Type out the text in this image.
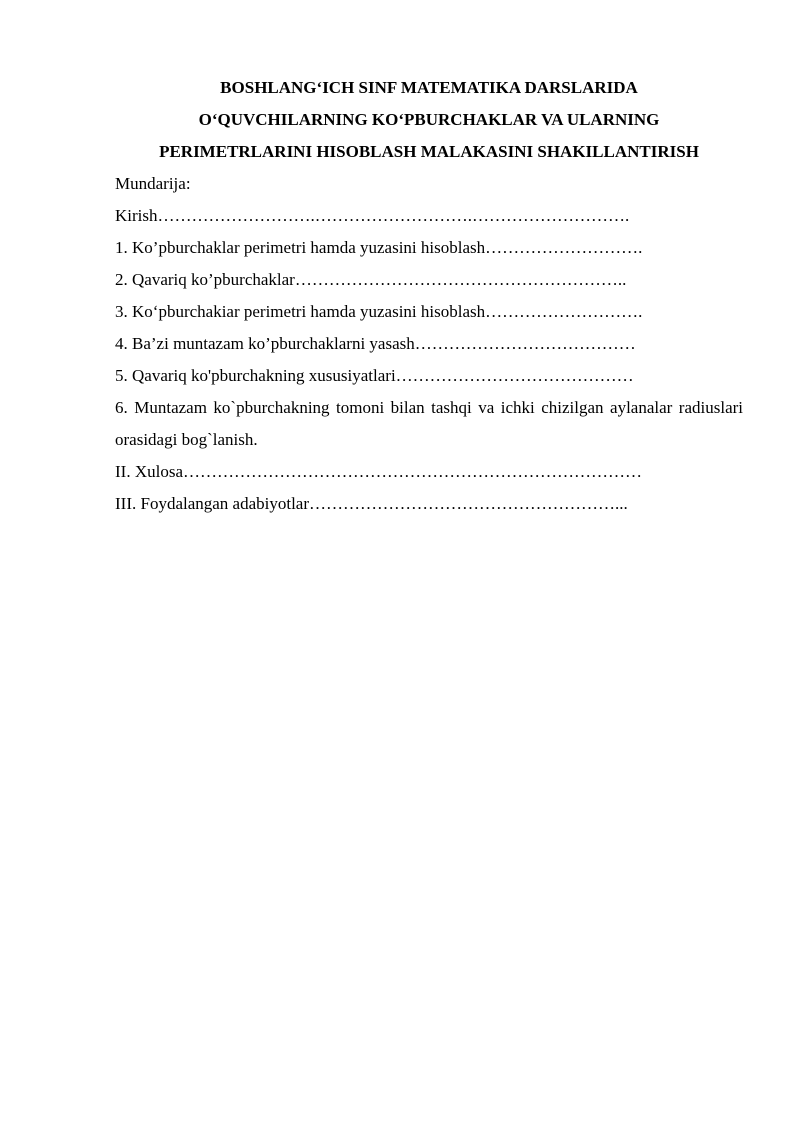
BOSHLANG‘ICH SINF MATEMATIKA DARSLARIDA
O‘QUVCHILARNING KO‘PBURCHAKLAR VA ULARNING
PERIMETRLARINI HISOBLASH MALAKASINI SHAKILLANTIRISH
Mundarija:
Kirish……………………….……………………….……………………….
1. Ko’pburchaklar perimetri hamda yuzasini hisoblash……………………….
2. Qavariq ko’pburchaklar…………………………………………………..
3. Ko‘pburchakiar perimetri hamda yuzasini hisoblash……………………….
4. Ba’zi muntazam ko’pburchaklarni yasash…………………………………
5. Qavariq ko'pburchakning xususiyatlari……………………………………
6. Muntazam ko`pburchakning tomoni bilan tashqi va ichki chizilgan aylanalar radiuslari orasidagi bog`lanish.
II. Xulosa………………………………………………………………………
III. Foydalangan adabiyotlar………………………………………………...
